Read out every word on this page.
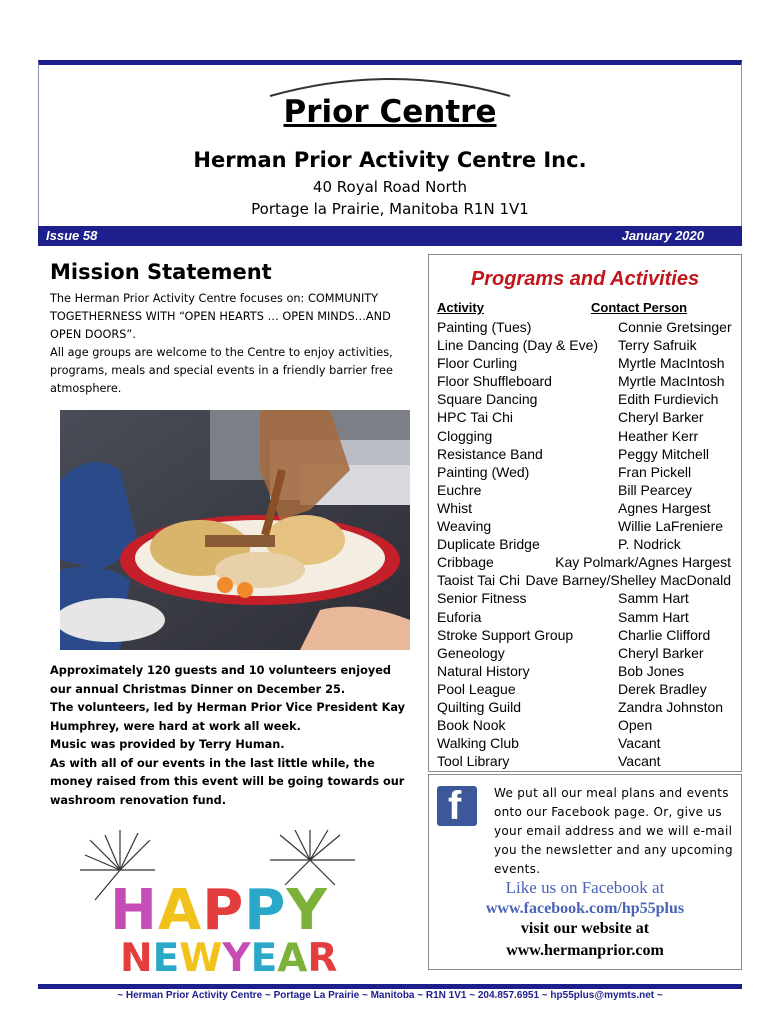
Prior Centre
Herman Prior Activity Centre Inc.
40 Royal Road North
Portage la Prairie, Manitoba R1N 1V1
Issue 58	January 2020
Mission Statement
The Herman Prior Activity Centre focuses on: COMMUNITY TOGETHERNESS WITH “OPEN HEARTS … OPEN MINDS…AND OPEN DOORS”.
All age groups are welcome to the Centre to enjoy activities, programs, meals and special events in a friendly barrier free atmosphere.
Approximately 120 guests and 10 volunteers enjoyed our annual Christmas Dinner on December 25.
The volunteers, led by Herman Prior Vice President Kay Humphrey, were hard at work all week.
Music was provided by Terry Human.
As with all of our events in the last little while, the money raised from this event will be going towards our washroom renovation fund.
HAPPY
NEWYEAR
Programs and Activities
Activity	Contact Person
Painting (Tues)	Connie Gretsinger
Line Dancing (Day & Eve) Terry Safruik
Floor Curling	Myrtle MacIntosh
Floor Shuffleboard	Myrtle MacIntosh
Square Dancing	Edith Furdievich
HPC Tai Chi	Cheryl Barker
Clogging	Heather Kerr
Resistance Band	Peggy Mitchell
Painting (Wed)	Fran Pickell
Euchre	Bill Pearcey
Whist	Agnes Hargest
Weaving	Willie LaFreniere
Duplicate Bridge	P. Nodrick
Cribbage	Kay Polmark/Agnes Hargest
Taoist Tai Chi Dave Barney/Shelley MacDonald
Senior Fitness	Samm Hart
Eufor​ia	Samm Hart
Stroke Support Group	Charlie Clifford
Geneology	Cheryl Barker
Natural History	Bob Jones
Pool League	Derek Bradley
Quilting Guild	Zandra Johnston
Book Nook	Open
Walking Club	Vacant
Tool Library	Vacant
f	We put all our meal plans and events onto our Facebook page. Or, give us your email address and we will e-mail you the newsletter and any upcoming events.
Like us on Facebook at
www.facebook.com/hp55plus
visit our website at
www.hermanprior.com
~ Herman Prior Activity Centre ~ Portage La Prairie ~ Manitoba ~ R1N 1V1 ~ 204.857.6951 ~ hp55plus@mymts.net ~
